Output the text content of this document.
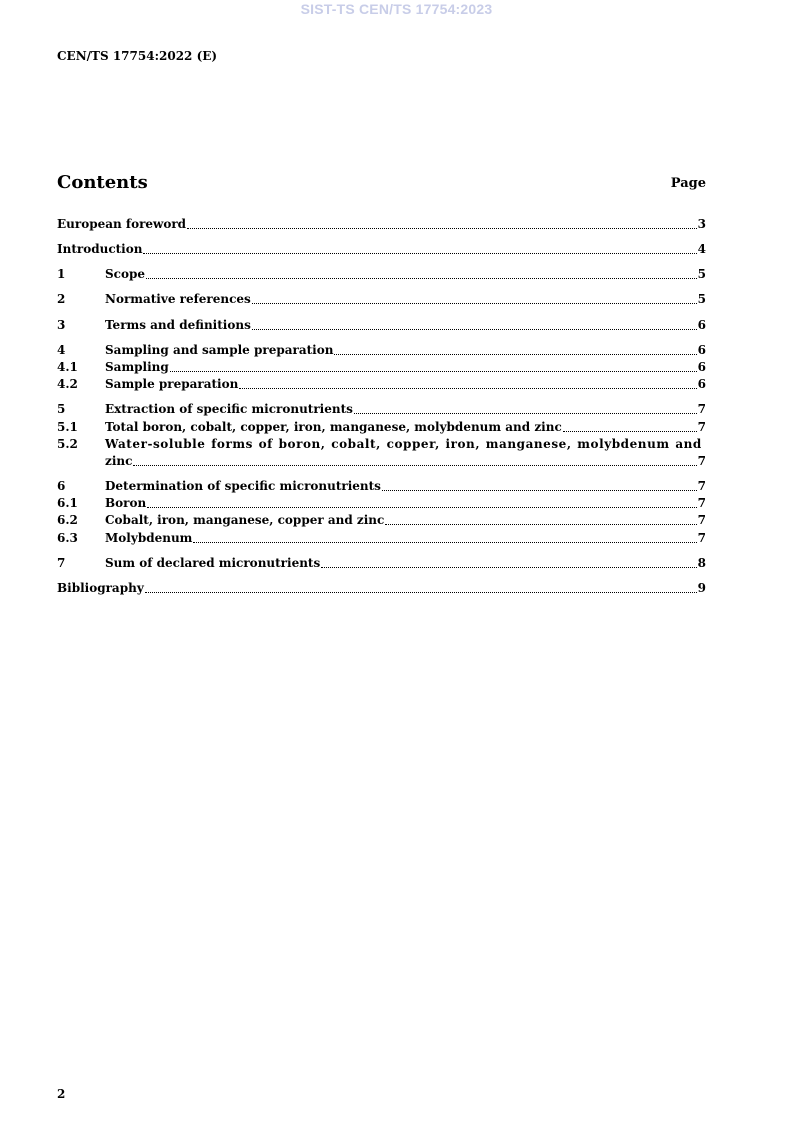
SIST-TS CEN/TS 17754:2023
CEN/TS 17754:2022 (E)
Contents	Page
European foreword	3
Introduction	4
1	Scope	5
2	Normative references	5
3	Terms and definitions	6
4	Sampling and sample preparation	6
4.1	Sampling	6
4.2	Sample preparation	6
5	Extraction of specific micronutrients	7
5.1	Total boron, cobalt, copper, iron, manganese, molybdenum and zinc	7
5.2	Water-soluble forms of boron, cobalt, copper, iron, manganese, molybdenum and
zinc	7
6	Determination of specific micronutrients	7
6.1	Boron	7
6.2	Cobalt, iron, manganese, copper and zinc	7
6.3	Molybdenum	7
7	Sum of declared micronutrients	8
Bibliography	9
2
